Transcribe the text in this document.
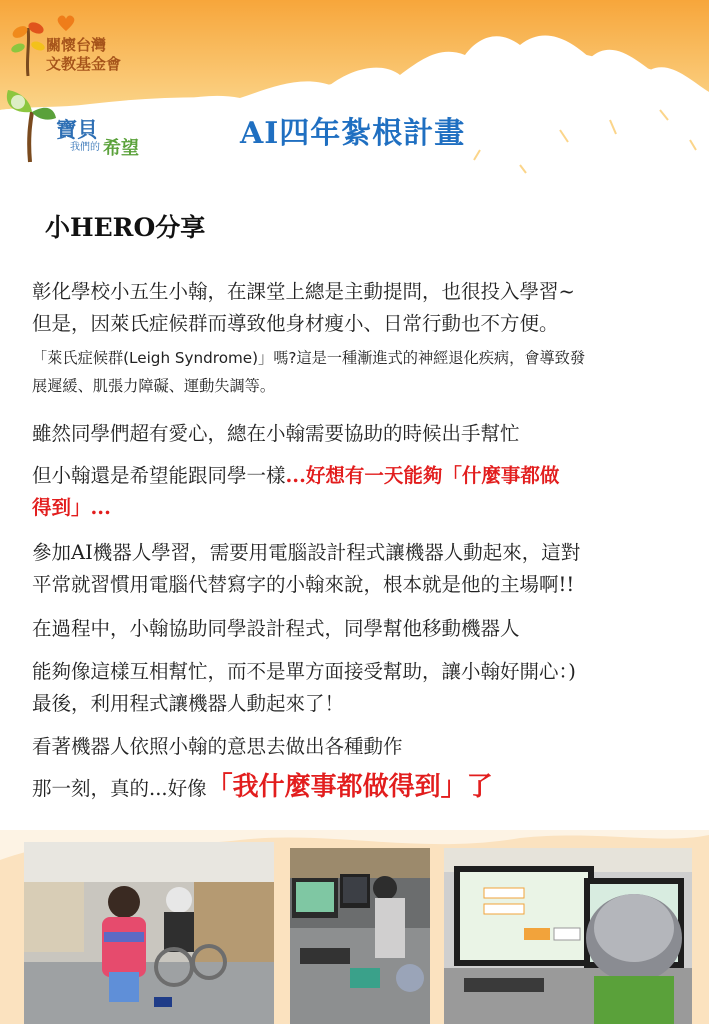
關懷台灣
文教基金會
寶貝
我們的 希望	AI四年紮根計畫
小HERO分享
彰化學校小五生小翰，在課堂上總是主動提問，也很投入學習~
但是，因萊氏症候群而導致他身材瘦小、日常行動也不方便。
「萊氏症候群(Leigh Syndrome)」嗎?這是一種漸進式的神經退化疾病，會導致發
展遲緩、肌張力障礙、運動失調等。
雖然同學們超有愛心，總在小翰需要協助的時候出手幫忙
但小翰還是希望能跟同學一樣...好想有一天能夠「什麼事都做
得到」...
參加AI機器人學習，需要用電腦設計程式讓機器人動起來，這對
平常就習慣用電腦代替寫字的小翰來說，根本就是他的主場啊!!
在過程中，小翰協助同學設計程式，同學幫他移動機器人
能夠像這樣互相幫忙，而不是單方面接受幫助，讓小翰好開心：)
最後，利用程式讓機器人動起來了！
看著機器人依照小翰的意思去做出各種動作
那一刻，真的...好像「我什麼事都做得到」了
